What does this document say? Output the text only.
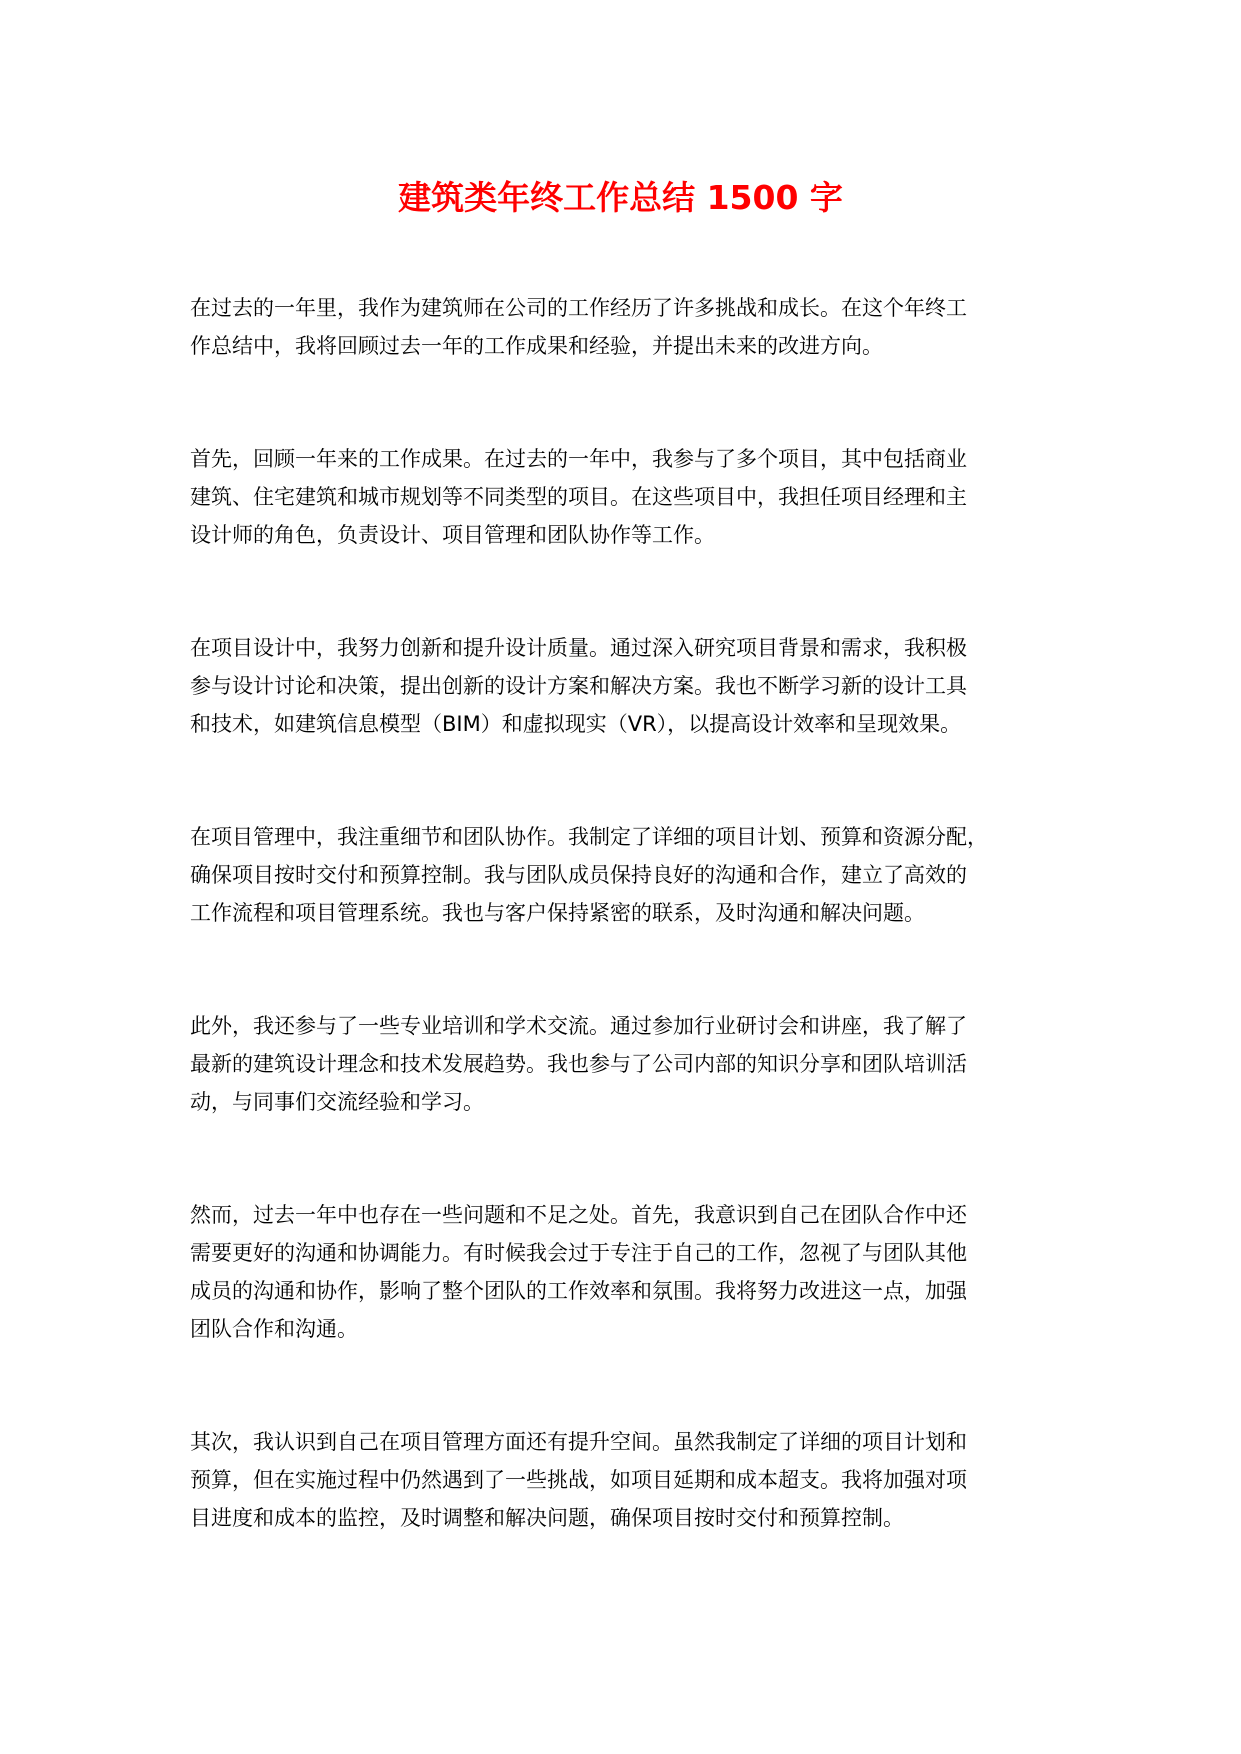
建筑类年终工作总结 1500 字

在过去的一年里，我作为建筑师在公司的工作经历了许多挑战和成长。在这个年终工
作总结中，我将回顾过去一年的工作成果和经验，并提出未来的改进方向。

首先，回顾一年来的工作成果。在过去的一年中，我参与了多个项目，其中包括商业
建筑、住宅建筑和城市规划等不同类型的项目。在这些项目中，我担任项目经理和主
设计师的角色，负责设计、项目管理和团队协作等工作。

在项目设计中，我努力创新和提升设计质量。通过深入研究项目背景和需求，我积极
参与设计讨论和决策，提出创新的设计方案和解决方案。我也不断学习新的设计工具
和技术，如建筑信息模型（BIM）和虚拟现实（VR），以提高设计效率和呈现效果。

在项目管理中，我注重细节和团队协作。我制定了详细的项目计划、预算和资源分配，
确保项目按时交付和预算控制。我与团队成员保持良好的沟通和合作，建立了高效的
工作流程和项目管理系统。我也与客户保持紧密的联系，及时沟通和解决问题。

此外，我还参与了一些专业培训和学术交流。通过参加行业研讨会和讲座，我了解了
最新的建筑设计理念和技术发展趋势。我也参与了公司内部的知识分享和团队培训活
动，与同事们交流经验和学习。

然而，过去一年中也存在一些问题和不足之处。首先，我意识到自己在团队合作中还
需要更好的沟通和协调能力。有时候我会过于专注于自己的工作，忽视了与团队其他
成员的沟通和协作，影响了整个团队的工作效率和氛围。我将努力改进这一点，加强
团队合作和沟通。

其次，我认识到自己在项目管理方面还有提升空间。虽然我制定了详细的项目计划和
预算，但在实施过程中仍然遇到了一些挑战，如项目延期和成本超支。我将加强对项
目进度和成本的监控，及时调整和解决问题，确保项目按时交付和预算控制。
